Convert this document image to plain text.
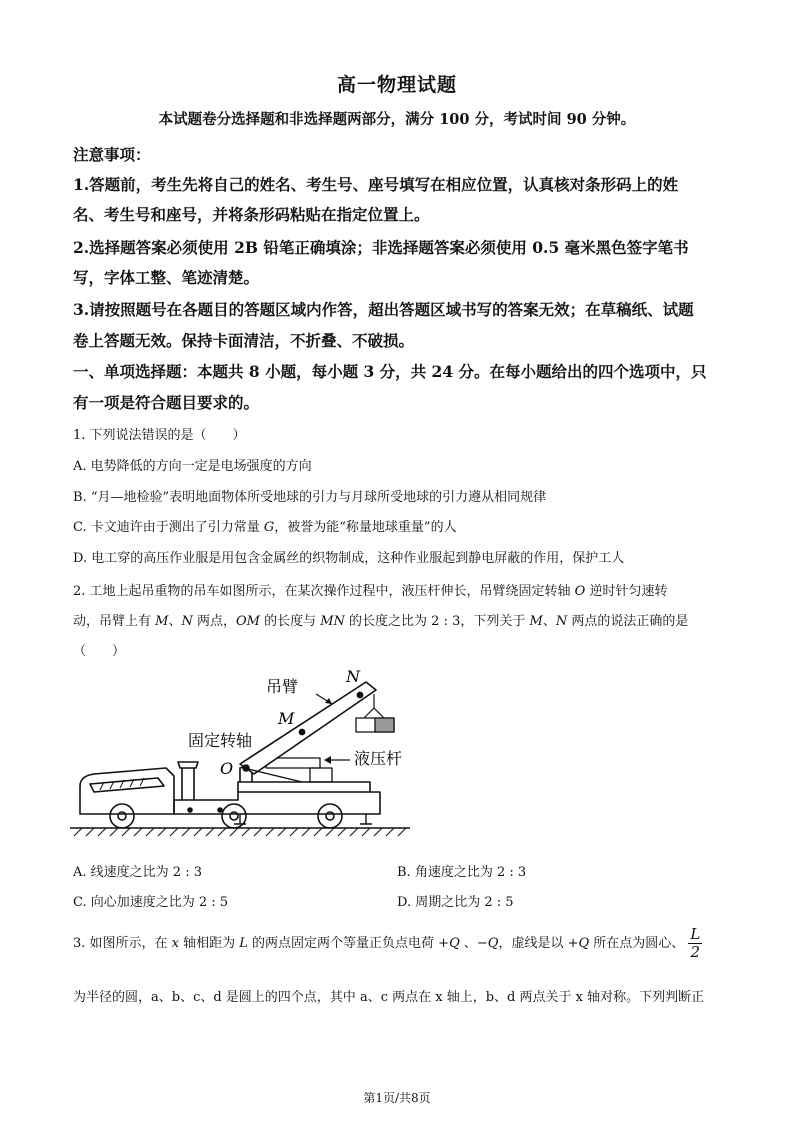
高一物理试题
本试题卷分选择题和非选择题两部分，满分 100 分，考试时间 90 分钟。
注意事项：
1.答题前，考生先将自己的姓名、考生号、座号填写在相应位置，认真核对条形码上的姓
名、考生号和座号，并将条形码粘贴在指定位置上。
2.选择题答案必须使用 2B 铅笔正确填涂；非选择题答案必须使用 0.5 毫米黑色签字笔书
写，字体工整、笔迹清楚。
3.请按照题号在各题目的答题区域内作答，超出答题区域书写的答案无效；在草稿纸、试题
卷上答题无效。保持卡面清洁，不折叠、不破损。
一、单项选择题：本题共 8 小题，每小题 3 分，共 24 分。在每小题给出的四个选项中，只
有一项是符合题目要求的。
1. 下列说法错误的是（　　）
A. 电势降低的方向一定是电场强度的方向
B. “月—地检验”表明地面物体所受地球的引力与月球所受地球的引力遵从相同规律
C. 卡文迪许由于测出了引力常量 G，被誉为能“称量地球重量”的人
D. 电工穿的高压作业服是用包含金属丝的织物制成，这种作业服起到静电屏蔽的作用，保护工人
2. 工地上起吊重物的吊车如图所示，在某次操作过程中，液压杆伸长，吊臂绕固定转轴 O 逆时针匀速转
动，吊臂上有 M、N 两点，OM 的长度与 MN 的长度之比为 2 : 3，下列关于 M、N 两点的说法正确的是
（　　）
吊臂
固定转轴
液压杆
O
M
N
A. 线速度之比为 2 : 3	B. 角速度之比为 2 : 3
C. 向心加速度之比为 2 : 5	D. 周期之比为 2 : 5
3. 如图所示，在 x 轴相距为 L 的两点固定两个等量正负点电荷 +Q 、−Q，虚线是以 +Q 所在点为圆心、 $\frac{L}{2}$
为半径的圆，a、b、c、d 是圆上的四个点，其中 a、c 两点在 x 轴上，b、d 两点关于 x 轴对称。下列判断正
第1页/共8页
